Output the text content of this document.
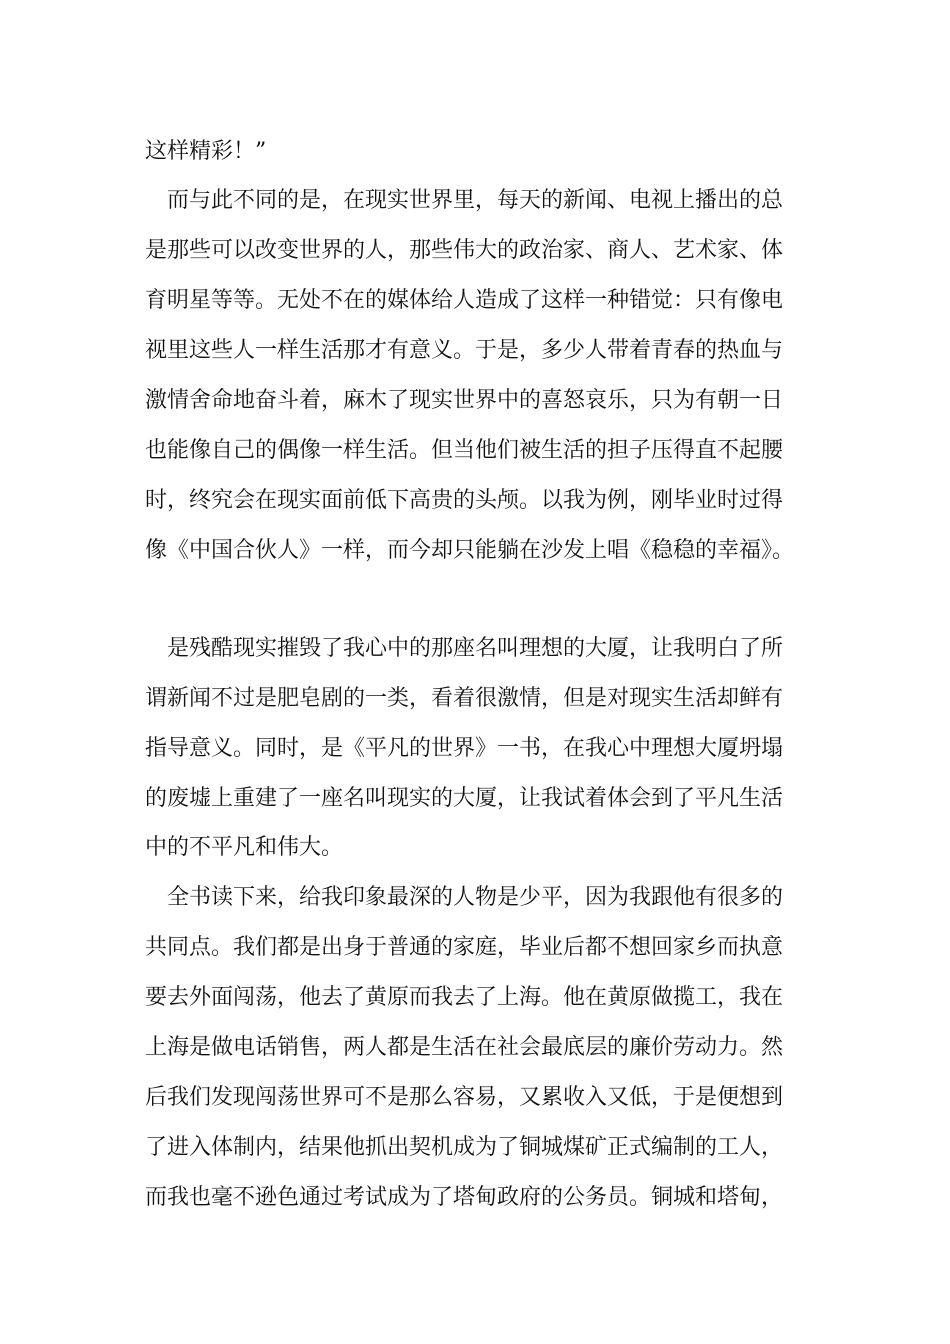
这样精彩！”

而与此不同的是，在现实世界里，每天的新闻、电视上播出的总

是那些可以改变世界的人，那些伟大的政治家、商人、艺术家、体

育明星等等。无处不在的媒体给人造成了这样一种错觉：只有像电

视里这些人一样生活那才有意义。于是，多少人带着青春的热血与

激情舍命地奋斗着，麻木了现实世界中的喜怒哀乐，只为有朝一日

也能像自己的偶像一样生活。但当他们被生活的担子压得直不起腰

时，终究会在现实面前低下高贵的头颅。以我为例，刚毕业时过得

像《中国合伙人》一样，而今却只能躺在沙发上唱《稳稳的幸福》。

是残酷现实摧毁了我心中的那座名叫理想的大厦，让我明白了所

谓新闻不过是肥皂剧的一类，看着很激情，但是对现实生活却鲜有

指导意义。同时，是《平凡的世界》一书，在我心中理想大厦坍塌

的废墟上重建了一座名叫现实的大厦，让我试着体会到了平凡生活

中的不平凡和伟大。

全书读下来，给我印象最深的人物是少平，因为我跟他有很多的

共同点。我们都是出身于普通的家庭，毕业后都不想回家乡而执意

要去外面闯荡，他去了黄原而我去了上海。他在黄原做揽工，我在

上海是做电话销售，两人都是生活在社会最底层的廉价劳动力。然

后我们发现闯荡世界可不是那么容易，又累收入又低，于是便想到

了进入体制内，结果他抓出契机成为了铜城煤矿正式编制的工人，

而我也毫不逊色通过考试成为了塔甸政府的公务员。铜城和塔甸，
